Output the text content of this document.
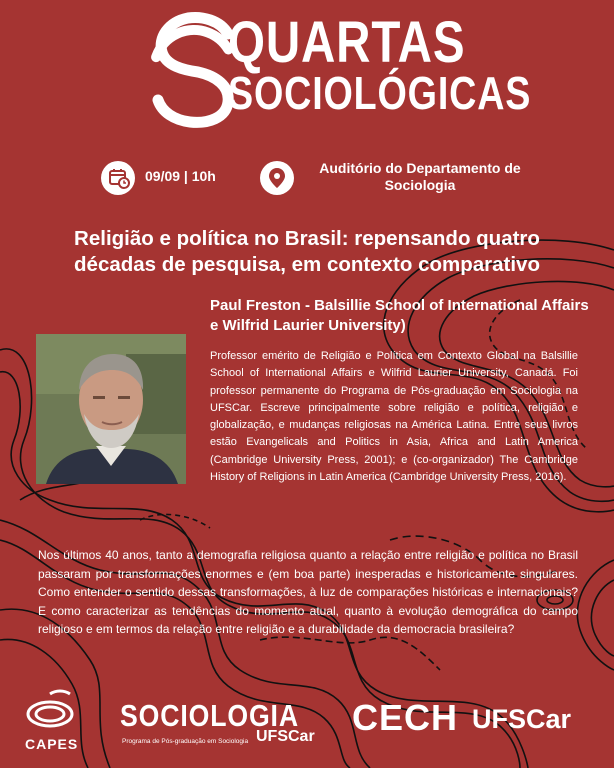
QUARTAS
SOCIOLÓGICAS
09/09 | 10h	Auditório do Departamento de Sociologia
Religião e política no Brasil: repensando quatro décadas de pesquisa, em contexto comparativo
Paul Freston - Balsillie School of International Affairs e Wilfrid Laurier University)
Professor emérito de Religião e Política em Contexto Global na Balsillie School of International Affairs e Wilfrid Laurier University, Canadá. Foi professor permanente do Programa de Pós-graduação em Sociologia na UFSCar. Escreve principalmente sobre religião e política, religião e globalização, e mudanças religiosas na América Latina. Entre seus livros estão Evangelicals and Politics in Asia, Africa and Latin America (Cambridge University Press, 2001); e (co-organizador) The Cambridge History of Religions in Latin America (Cambridge University Press, 2016).
Nos últimos 40 anos, tanto a demografia religiosa quanto a relação entre religião e política no Brasil passaram por transformações enormes e (em boa parte) inesperadas e historicamente singulares. Como entender o sentido dessas transformações, à luz de comparações históricas e internacionais? E como caracterizar as tendências do momento atual, quanto à evolução demográfica do campo religioso e em termos da relação entre religião e a durabilidade da democracia brasileira?
CAPES
SOCIOLOGIA
Programa de Pós-graduação em Sociologia UFSCar CECH UFSCar
